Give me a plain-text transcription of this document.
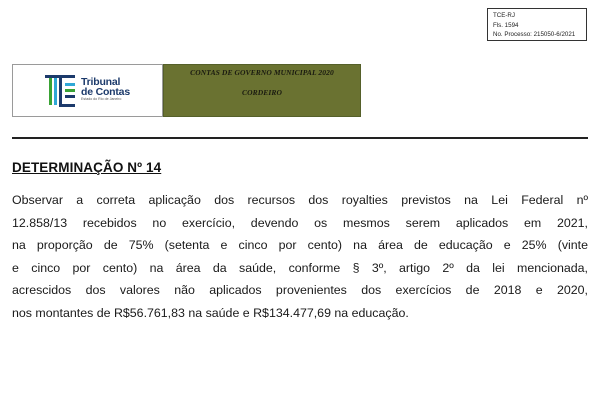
TCE-RJ
Fls. 1594
No. Processo: 215050-6/2021
Tribunal
de Contas
Estado do Rio de Janeiro
CONTAS DE GOVERNO MUNICIPAL 2020
CORDEIRO
DETERMINAÇÃO Nº 14
Observar a correta aplicação dos recursos dos royalties previstos na Lei Federal nº
12.858/13 recebidos no exercício, devendo os mesmos serem aplicados em 2021,
na proporção de 75% (setenta e cinco por cento) na área de educação e 25% (vinte
e cinco por cento) na área da saúde, conforme § 3º, artigo 2º da lei mencionada,
acrescidos dos valores não aplicados provenientes dos exercícios de 2018 e 2020,
nos montantes de R$56.761,83 na saúde e R$134.477,69 na educação.
